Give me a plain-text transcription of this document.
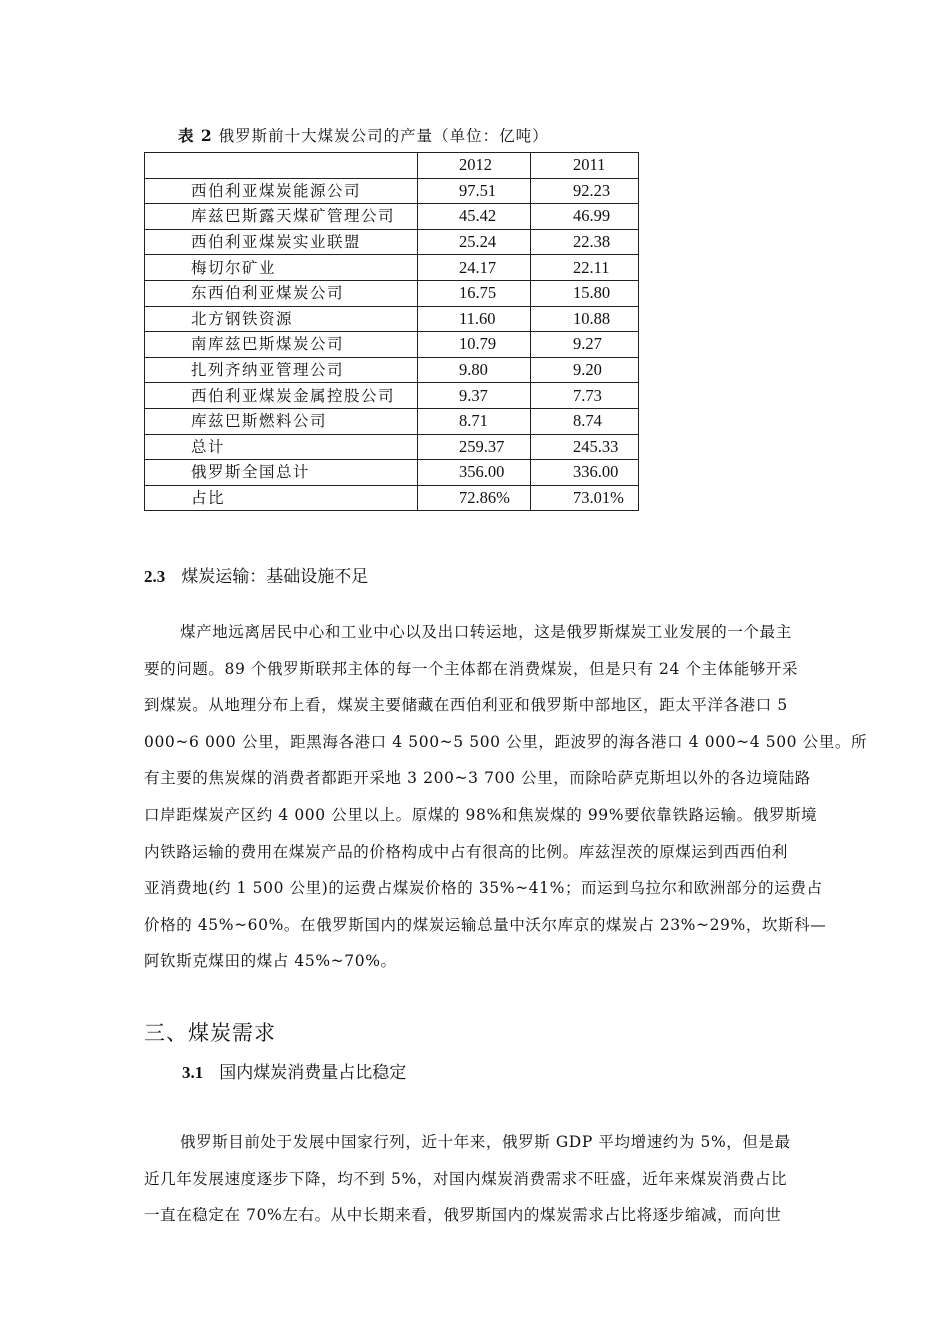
表 2 俄罗斯前十大煤炭公司的产量（单位：亿吨）
	2012	2011
西伯利亚煤炭能源公司	97.51	92.23
库兹巴斯露天煤矿管理公司	45.42	46.99
西伯利亚煤炭实业联盟	25.24	22.38
梅切尔矿业	24.17	22.11
东西伯利亚煤炭公司	16.75	15.80
北方钢铁资源	11.60	10.88
南库兹巴斯煤炭公司	10.79	9.27
扎列齐纳亚管理公司	9.80	9.20
西伯利亚煤炭金属控股公司	9.37	7.73
库兹巴斯燃料公司	8.71	8.74
总计	259.37	245.33
俄罗斯全国总计	356.00	336.00
占比	72.86%	73.01%
2.3 煤炭运输：基础设施不足
煤产地远离居民中心和工业中心以及出口转运地，这是俄罗斯煤炭工业发展的一个最主
要的问题。89 个俄罗斯联邦主体的每一个主体都在消费煤炭，但是只有 24 个主体能够开采
到煤炭。从地理分布上看，煤炭主要储藏在西伯利亚和俄罗斯中部地区，距太平洋各港口 5
000~6 000 公里，距黑海各港口 4 500~5 500 公里，距波罗的海各港口 4 000~4 500 公里。所
有主要的焦炭煤的消费者都距开采地 3 200~3 700 公里，而除哈萨克斯坦以外的各边境陆路
口岸距煤炭产区约 4 000 公里以上。原煤的 98%和焦炭煤的 99%要依靠铁路运输。俄罗斯境
内铁路运输的费用在煤炭产品的价格构成中占有很高的比例。库兹涅茨的原煤运到西西伯利
亚消费地(约 1 500 公里)的运费占煤炭价格的 35%~41%；而运到乌拉尔和欧洲部分的运费占
价格的 45%~60%。在俄罗斯国内的煤炭运输总量中沃尔库京的煤炭占 23%~29%，坎斯科—
阿钦斯克煤田的煤占 45%~70%。
三、煤炭需求
3.1 国内煤炭消费量占比稳定
俄罗斯目前处于发展中国家行列，近十年来，俄罗斯 GDP 平均增速约为 5%，但是最
近几年发展速度逐步下降，均不到 5%，对国内煤炭消费需求不旺盛，近年来煤炭消费占比
一直在稳定在 70%左右。从中长期来看，俄罗斯国内的煤炭需求占比将逐步缩减，而向世
